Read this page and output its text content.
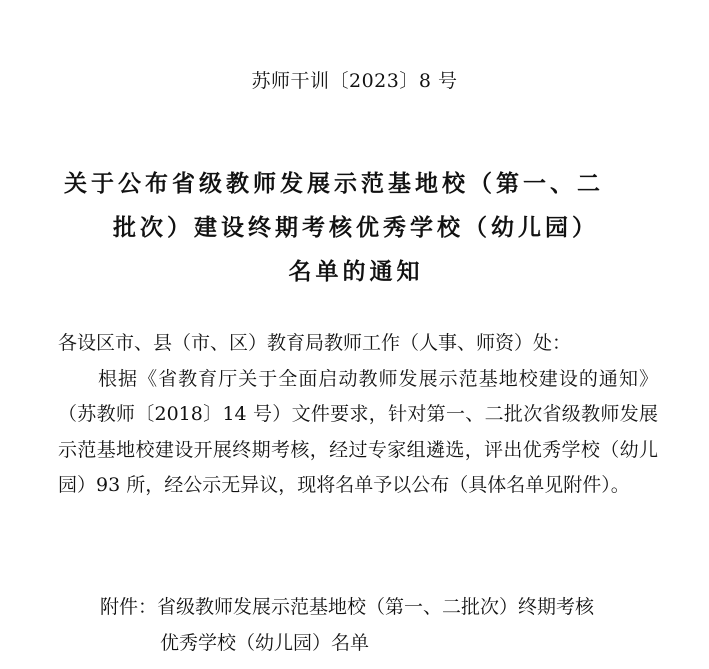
苏师干训〔2023〕8 号
关于公布省级教师发展示范基地校（第一、二
批次）建设终期考核优秀学校（幼儿园）
名单的通知
各设区市、县（市、区）教育局教师工作（人事、师资）处：
根据《省教育厅关于全面启动教师发展示范基地校建设的通知》（苏教师〔2018〕14 号）文件要求，针对第一、二批次省级教师发展示范基地校建设开展终期考核，经过专家组遴选，评出优秀学校（幼儿园）93 所，经公示无异议，现将名单予以公布（具体名单见附件）。
附件：省级教师发展示范基地校（第一、二批次）终期考核
优秀学校（幼儿园）名单
